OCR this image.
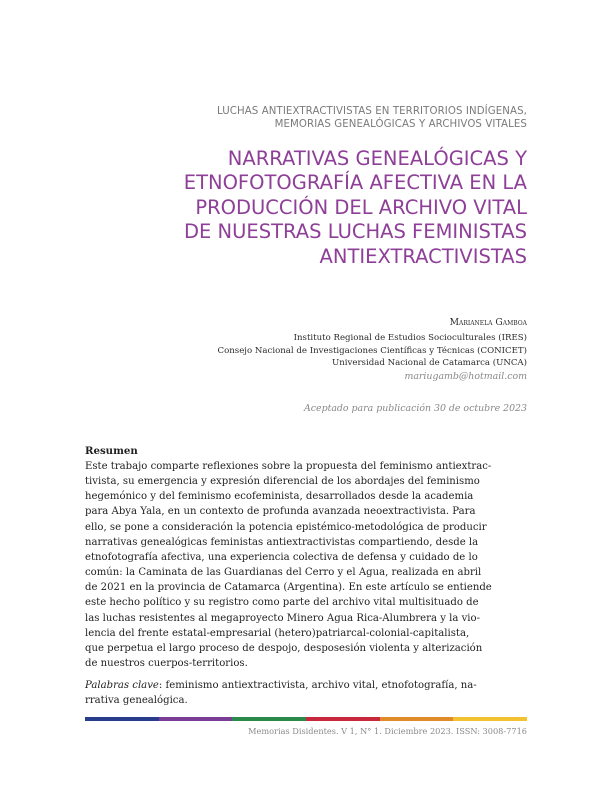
LUCHAS ANTIEXTRACTIVISTAS EN TERRITORIOS INDÍGENAS,
MEMORIAS GENEALÓGICAS Y ARCHIVOS VITALES
NARRATIVAS GENEALÓGICAS Y
ETNOFOTOGRAFÍA AFECTIVA EN LA
PRODUCCIÓN DEL ARCHIVO VITAL
DE NUESTRAS LUCHAS FEMINISTAS
ANTIEXTRACTIVISTAS
Marianela Gamboa
Instituto Regional de Estudios Socioculturales (IRES)
Consejo Nacional de Investigaciones Científicas y Técnicas (CONICET)
Universidad Nacional de Catamarca (UNCA)
mariugamb@hotmail.com
Aceptado para publicación 30 de octubre 2023
Resumen
Este trabajo comparte reflexiones sobre la propuesta del feminismo antiextrac-
tivista, su emergencia y expresión diferencial de los abordajes del feminismo
hegemónico y del feminismo ecofeminista, desarrollados desde la academia
para Abya Yala, en un contexto de profunda avanzada neoextractivista. Para
ello, se pone a consideración la potencia epistémico-metodológica de producir
narrativas genealógicas feministas antiextractivistas compartiendo, desde la
etnofotografía afectiva, una experiencia colectiva de defensa y cuidado de lo
común: la Caminata de las Guardianas del Cerro y el Agua, realizada en abril
de 2021 en la provincia de Catamarca (Argentina). En este artículo se entiende
este hecho político y su registro como parte del archivo vital multisituado de
las luchas resistentes al megaproyecto Minero Agua Rica-Alumbrera y la vio-
lencia del frente estatal-empresarial (hetero)patriarcal-colonial-capitalista,
que perpetua el largo proceso de despojo, desposesión violenta y alterización
de nuestros cuerpos-territorios.
Palabras clave: feminismo antiextractivista, archivo vital, etnofotografía, na-
rrativa genealógica.
Memorias Disidentes. V 1, N° 1. Diciembre 2023. ISSN: 3008-7716
